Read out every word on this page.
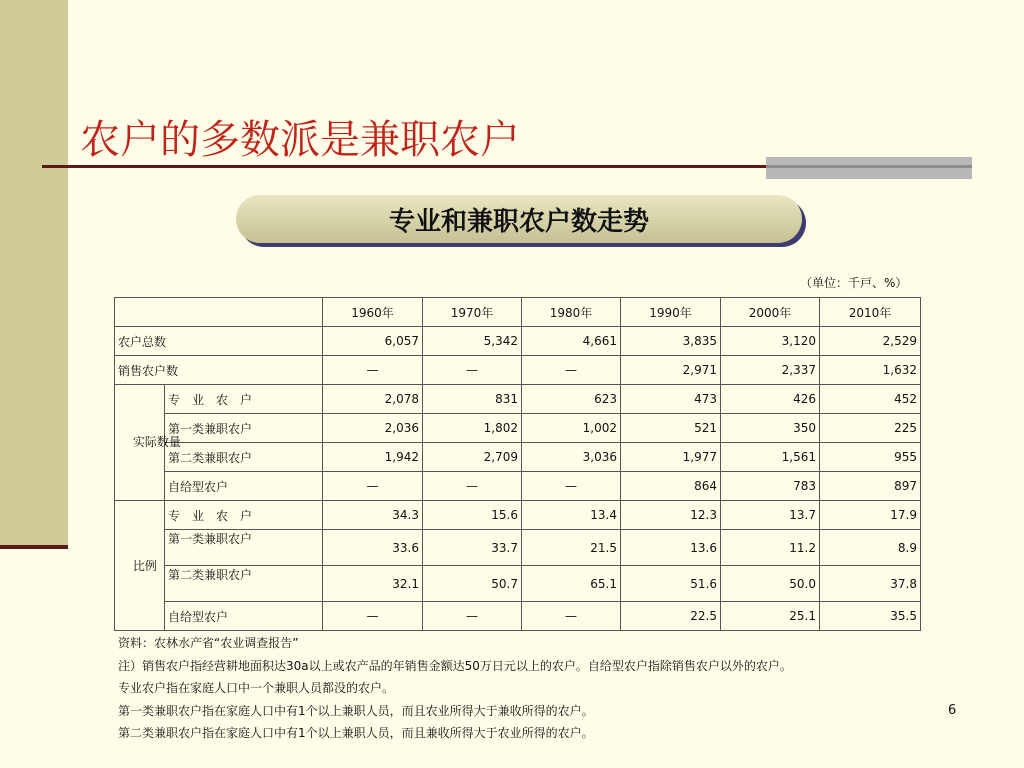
农户的多数派是兼职农户
专业和兼职农户数走势
（单位：千戸、%）
		1960年	1970年	1980年	1990年	2000年	2010年
农户总数		6,057	5,342	4,661	3,835	3,120	2,529
销售农户数		—	—	—	2,971	2,337	1,632
实际数量	专　业　农　户	2,078	831	623	473	426	452
	第一类兼职农户	2,036	1,802	1,002	521	350	225
	第二类兼职农户	1,942	2,709	3,036	1,977	1,561	955
	自给型农户	—	—	—	864	783	897
比例	专　业　农　户	34.3	15.6	13.4	12.3	13.7	17.9
	第一类兼职农户	33.6	33.7	21.5	13.6	11.2	8.9
	第二类兼职农户	32.1	50.7	65.1	51.6	50.0	37.8
	自给型农户	—	—	—	22.5	25.1	35.5
资料：农林水产省“农业调查报告”
注）销售农户指经营耕地面积达30a以上或农产品的年销售金额达50万日元以上的农户。自给型农户指除销售农户以外的农户。
专业农户指在家庭人口中一个兼职人员都没的农户。
第一类兼职农户指在家庭人口中有1个以上兼职人员，而且农业所得大于兼收所得的农户。
第二类兼职农户指在家庭人口中有1个以上兼职人员，而且兼收所得大于农业所得的农户。
6
